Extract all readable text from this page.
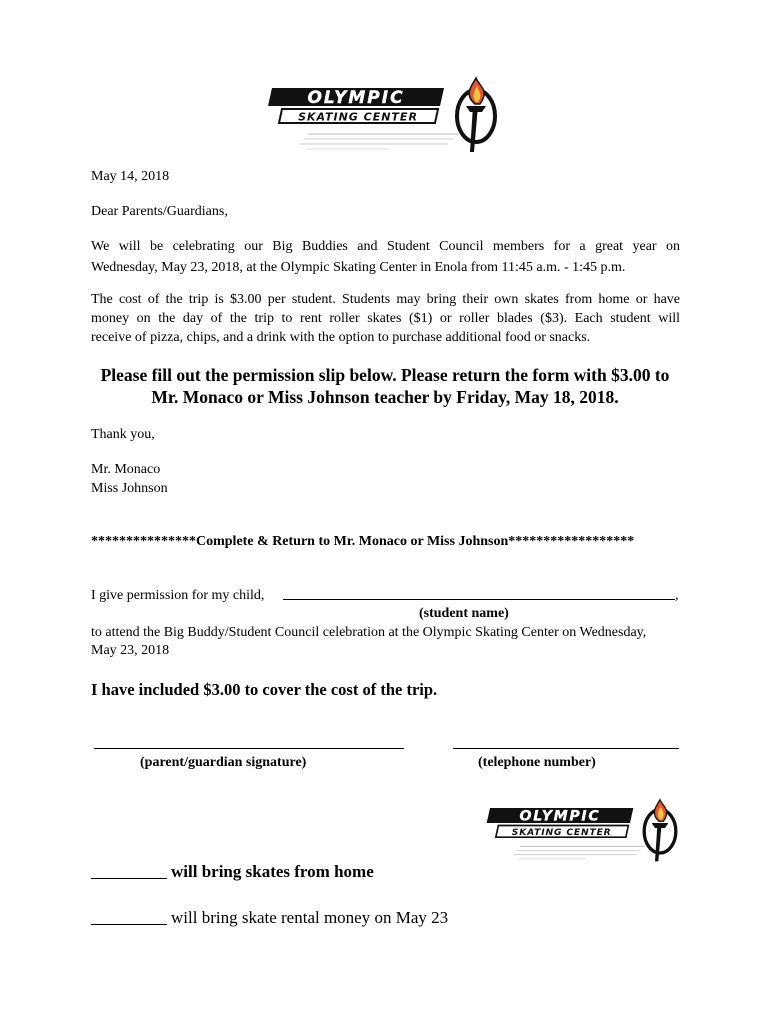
OLYMPIC
SKATING CENTER
May 14, 2018
Dear Parents/Guardians,
We will be celebrating our Big Buddies and Student Council members for a great year on
Wednesday, May 23, 2018, at the Olympic Skating Center in Enola from 11:45 a.m. - 1:45 p.m.
The cost of the trip is $3.00 per student. Students may bring their own skates from home or have
money on the day of the trip to rent roller skates ($1) or roller blades ($3). Each student will
receive of pizza, chips, and a drink with the option to purchase additional food or snacks.
Please fill out the permission slip below. Please return the form with $3.00 to
Mr. Monaco or Miss Johnson teacher by Friday, May 18, 2018.
Thank you,
Mr. Monaco
Miss Johnson
***************Complete & Return to Mr. Monaco or Miss Johnson******************
I give permission for my child,	,
(student name)
to attend the Big Buddy/Student Council celebration at the Olympic Skating Center on Wednesday,
May 23, 2018
I have included $3.00 to cover the cost of the trip.
(parent/guardian signature)	(telephone number)
OLYMPIC
SKATING CENTER
will bring skates from home
will bring skate rental money on May 23
